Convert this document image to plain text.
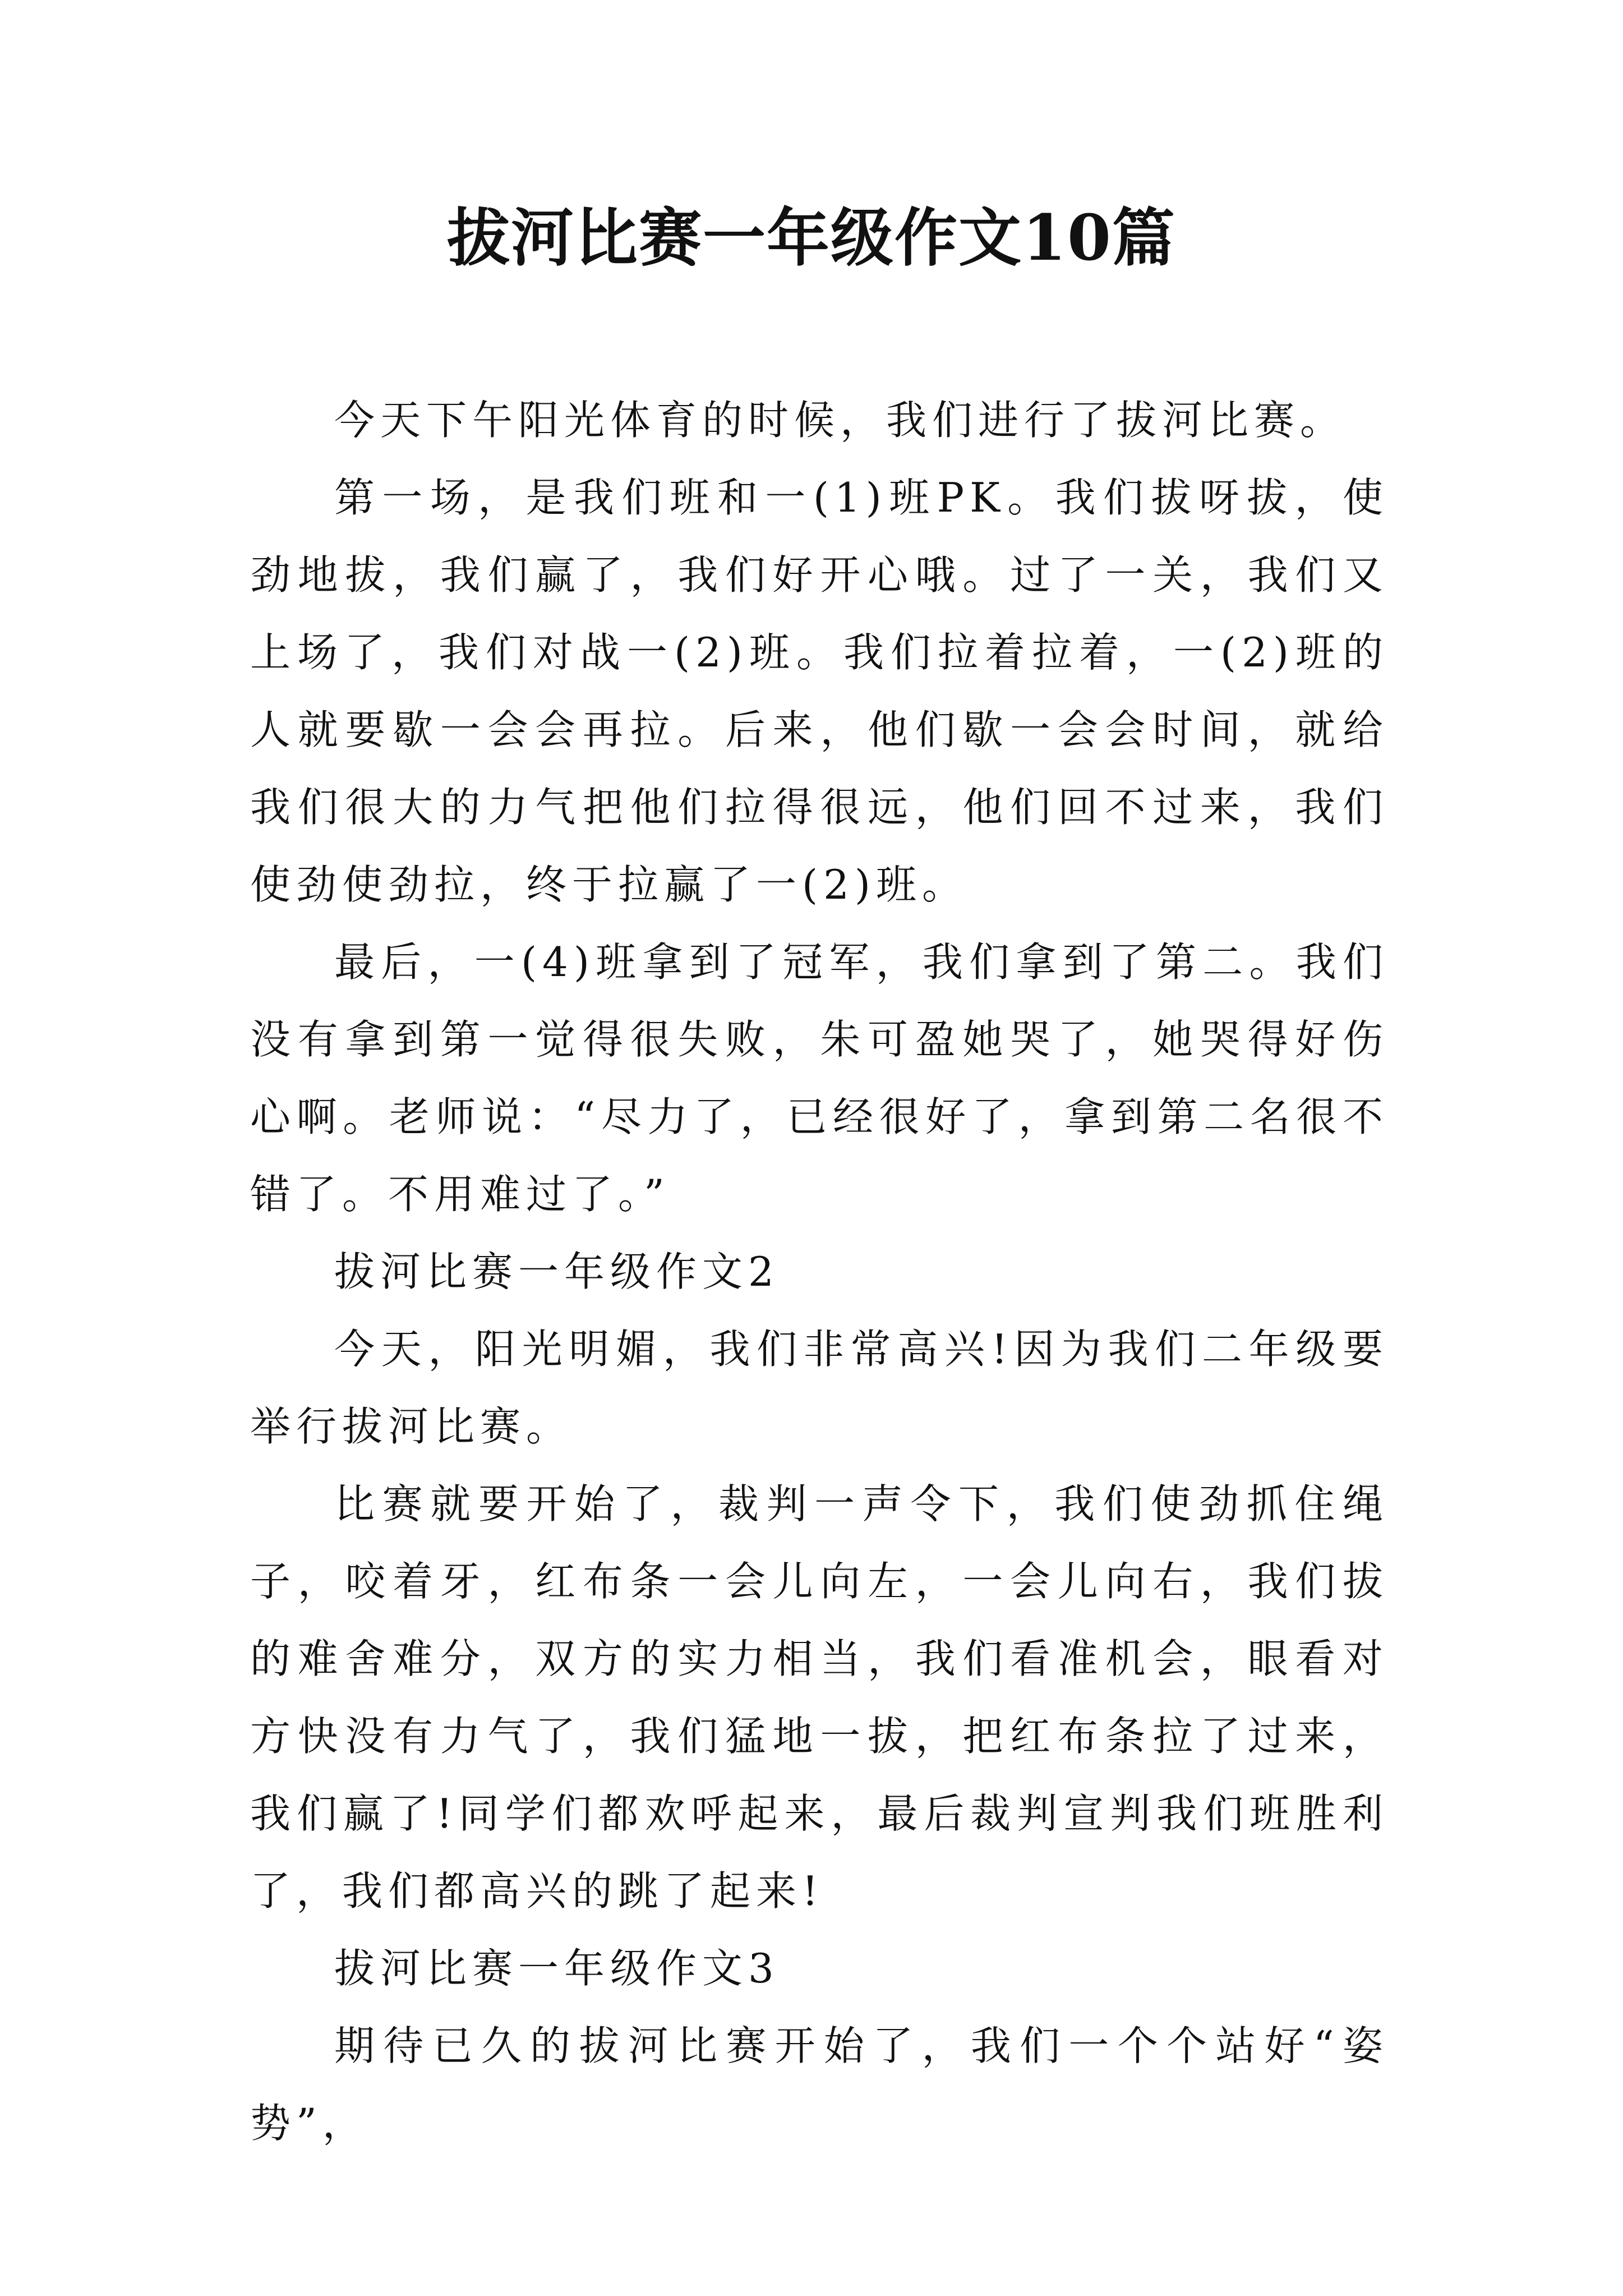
拔河比赛一年级作文10篇

今天下午阳光体育的时候，我们进行了拔河比赛。

第一场，是我们班和一(1)班PK。我们拔呀拔，使劲地拔，我们赢了，我们好开心哦。过了一关，我们又上场了，我们对战一(2)班。我们拉着拉着，一(2)班的人就要歇一会会再拉。后来，他们歇一会会时间，就给我们很大的力气把他们拉得很远，他们回不过来，我们使劲使劲拉，终于拉赢了一(2)班。

最后，一(4)班拿到了冠军，我们拿到了第二。我们没有拿到第一觉得很失败，朱可盈她哭了，她哭得好伤心啊。老师说：“尽力了，已经很好了，拿到第二名很不错了。不用难过了。”

拔河比赛一年级作文2

今天，阳光明媚，我们非常高兴!因为我们二年级要举行拔河比赛。

比赛就要开始了，裁判一声令下，我们使劲抓住绳子，咬着牙，红布条一会儿向左，一会儿向右，我们拔的难舍难分，双方的实力相当，我们看准机会，眼看对方快没有力气了，我们猛地一拔，把红布条拉了过来，我们赢了!同学们都欢呼起来，最后裁判宣判我们班胜利了，我们都高兴的跳了起来!

拔河比赛一年级作文3

期待已久的拔河比赛开始了，我们一个个站好“姿势”，
